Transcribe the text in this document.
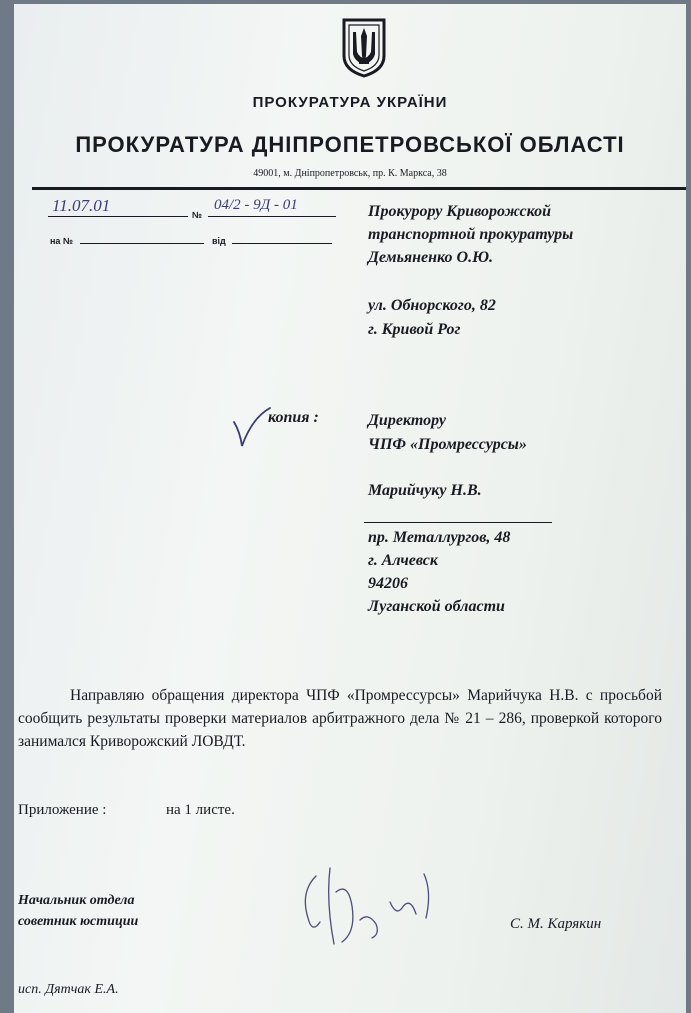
ПРОКУРАТУРА УКРАЇНИ
ПРОКУРАТУРА ДНІПРОПЕТРОВСЬКОЇ ОБЛАСТІ
49001, м. Дніпропетровськ, пр. К. Маркса, 38
11.07.01	№
04/2 - 9Д - 01
на №	від
Прокурору Криворожской
транспортной прокуратуры
Демьяненко О.Ю.
ул. Обнорского, 82
г. Кривой Рог
копия :	Директору
ЧПФ «Промрессурсы»
Марийчуку Н.В.
пр. Металлургов, 48
г. Алчевск
94206
Луганской области
Направляю обращения директора ЧПФ «Промрессурсы» Марийчука Н.В. с просьбой сообщить результаты проверки материалов арбитражного дела № 21 – 286, проверкой которого занимался Криворожский ЛОВДТ.
Приложение :	на 1 листе.
Начальник отдела
советник юстиции	С. М. Карякин
исп. Дятчак Е.А.
